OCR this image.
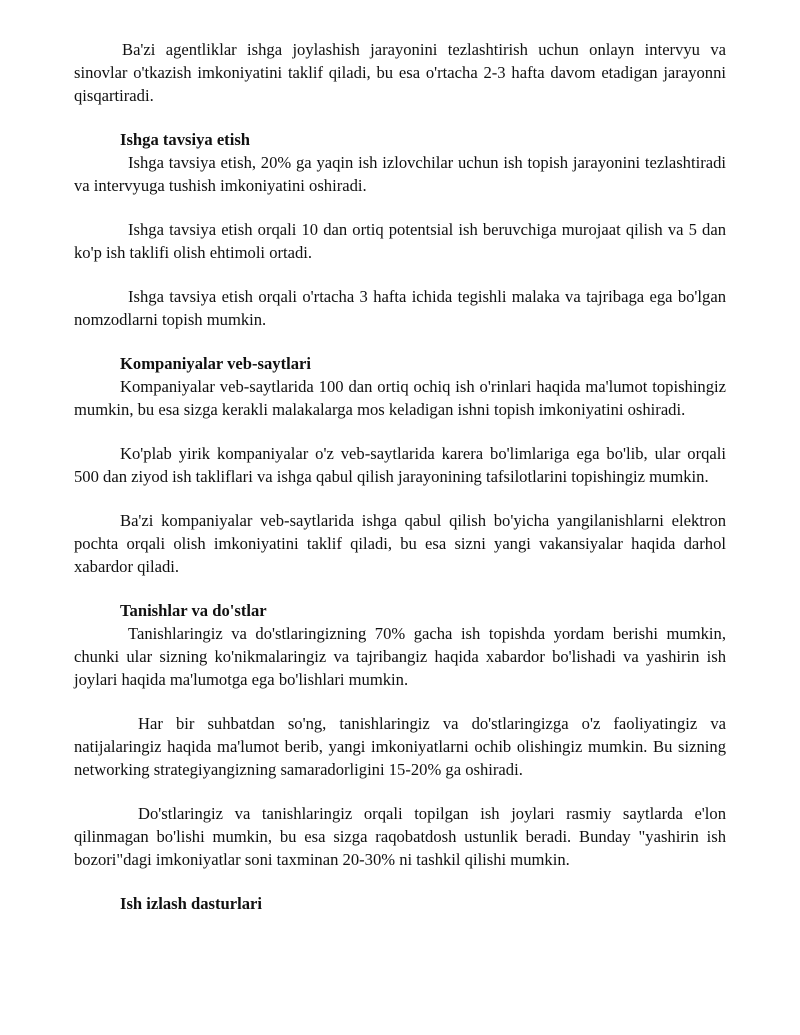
Ba'zi agentliklar ishga joylashish jarayonini tezlashtirish uchun onlayn intervyu va sinovlar o'tkazish imkoniyatini taklif qiladi, bu esa o'rtacha 2-3 hafta davom etadigan jarayonni qisqartiradi.

Ishga tavsiya etish

Ishga tavsiya etish, 20% ga yaqin ish izlovchilar uchun ish topish jarayonini tezlashtiradi va intervyuga tushish imkoniyatini oshiradi.

Ishga tavsiya etish orqali 10 dan ortiq potentsial ish beruvchiga murojaat qilish va 5 dan ko'p ish taklifi olish ehtimoli ortadi.

Ishga tavsiya etish orqali o'rtacha 3 hafta ichida tegishli malaka va tajribaga ega bo'lgan nomzodlarni topish mumkin.

Kompaniyalar veb-saytlari

Kompaniyalar veb-saytlarida 100 dan ortiq ochiq ish o'rinlari haqida ma'lumot topishingiz mumkin, bu esa sizga kerakli malakalarga mos keladigan ishni topish imkoniyatini oshiradi.

Ko'plab yirik kompaniyalar o'z veb-saytlarida karera bo'limlariga ega bo'lib, ular orqali 500 dan ziyod ish takliflari va ishga qabul qilish jarayonining tafsilotlarini topishingiz mumkin.

Ba'zi kompaniyalar veb-saytlarida ishga qabul qilish bo'yicha yangilanishlarni elektron pochta orqali olish imkoniyatini taklif qiladi, bu esa sizni yangi vakansiyalar haqida darhol xabardor qiladi.

Tanishlar va do'stlar

Tanishlaringiz va do'stlaringizning 70% gacha ish topishda yordam berishi mumkin, chunki ular sizning ko'nikmalaringiz va tajribangiz haqida xabardor bo'lishadi va yashirin ish joylari haqida ma'lumotga ega bo'lishlari mumkin.

Har bir suhbatdan so'ng, tanishlaringiz va do'stlaringizga o'z faoliyatingiz va natijalaringiz haqida ma'lumot berib, yangi imkoniyatlarni ochib olishingiz mumkin. Bu sizning networking strategiyangizning samaradorligini 15-20% ga oshiradi.

Do'stlaringiz va tanishlaringiz orqali topilgan ish joylari rasmiy saytlarda e'lon qilinmagan bo'lishi mumkin, bu esa sizga raqobatdosh ustunlik beradi. Bunday "yashirin ish bozori"dagi imkoniyatlar soni taxminan 20-30% ni tashkil qilishi mumkin.

Ish izlash dasturlari
